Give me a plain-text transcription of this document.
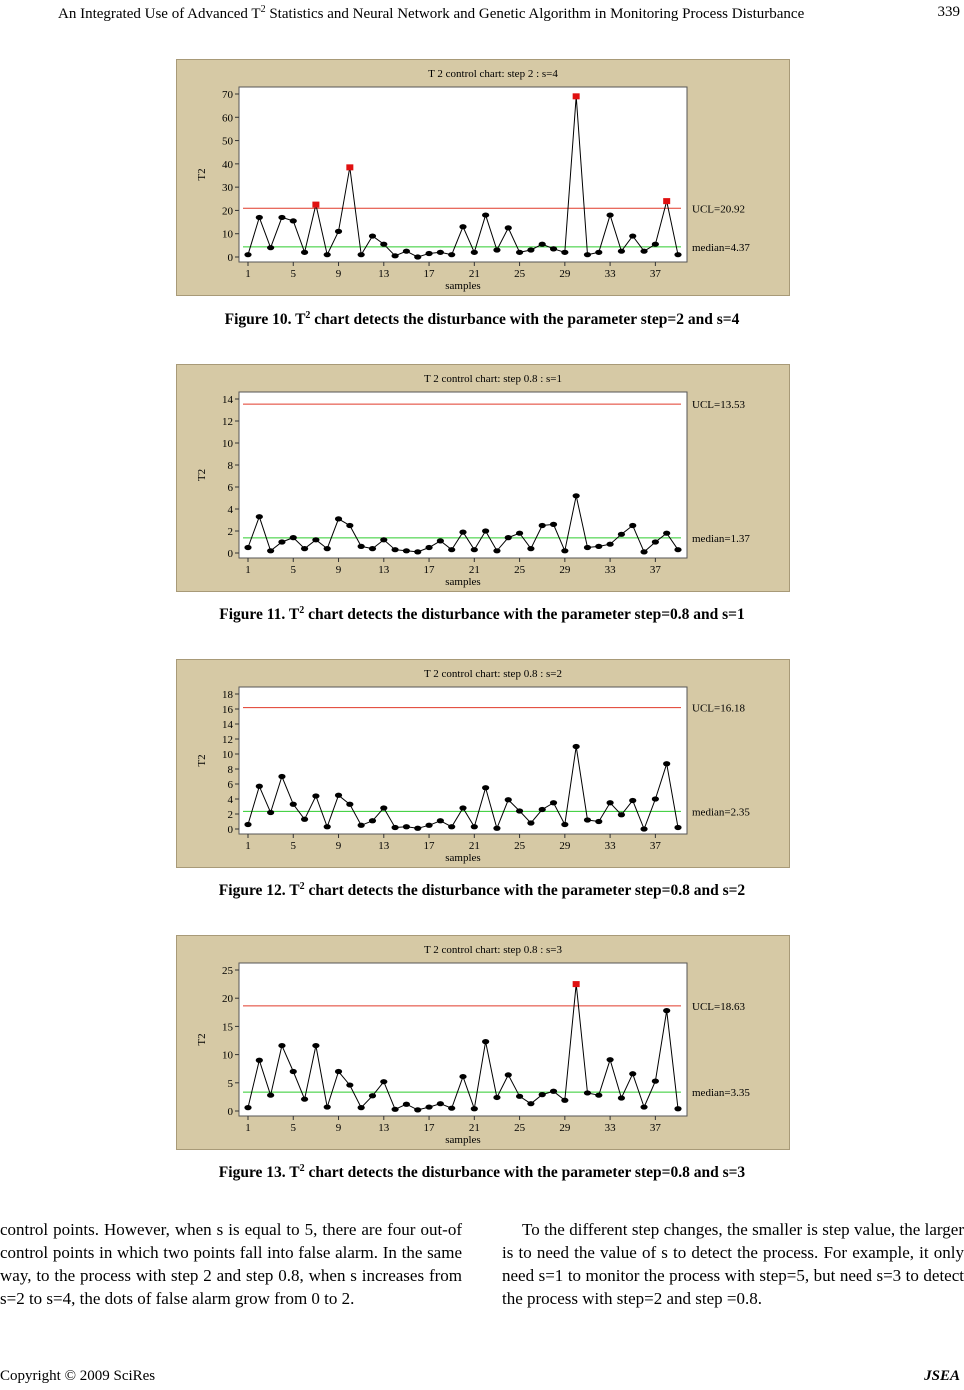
An Integrated Use of Advanced $T^2$ Statistics and Neural Network and Genetic Algorithm in Monitoring Process Disturbance	339
T 2 control chart: step 2 : s=4
0
10
20
30
40
50
60
70
1	5	9	13	17	21	25	29	33	37
samples
T2
UCL=20.92
median=4.37
Figure 10. $T^2$ chart detects the disturbance with the parameter step=2 and s=4
T 2 control chart: step 0.8 : s=1
0
2
4
6
8
10
12
14
1	5	9	13	17	21	25	29	33	37
samples
T2
UCL=13.53
median=1.37
Figure 11. $T^2$ chart detects the disturbance with the parameter step=0.8 and s=1
T 2 control chart: step 0.8 : s=2
0
2
4
6
8
10
12
14
16
18
1	5	9	13	17	21	25	29	33	37
samples
T2
UCL=16.18
median=2.35
Figure 12. $T^2$ chart detects the disturbance with the parameter step=0.8 and s=2
T 2 control chart: step 0.8 : s=3
0
5
10
15
20
25
1	5	9	13	17	21	25	29	33	37
samples
T2
UCL=18.63
median=3.35
Figure 13. $T^2$ chart detects the disturbance with the parameter step=0.8 and s=3
control points. However, when s is equal to 5, there are four out-of control points in which two points fall into false alarm. In the same way, to the process with step 2 and step 0.8, when s increases from s=2 to s=4, the dots of false alarm grow from 0 to 2.
To the different step changes, the smaller is step value, the larger is to need the value of s to detect the process. For example, it only need s=1 to monitor the process with step=5, but need s=3 to detect the process with step=2 and step =0.8.
Copyright © 2009 SciRes	JSEA
